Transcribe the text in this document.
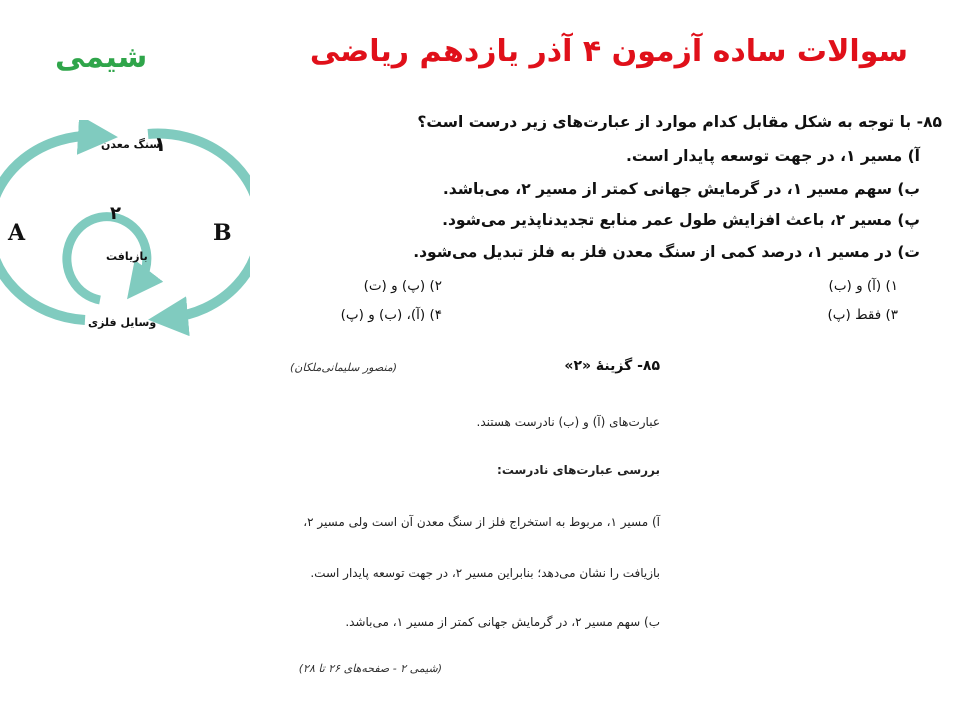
سوالات ساده آزمون ۴ آذر یازدهم ریاضی
شیمی
A	B
۱
۲
سنگ معدن
بازیافت
وسایل فلزی
۸۵- با توجه به شکل مقابل کدام موارد از عبارت‌های زیر درست است؟
آ) مسیر ۱، در جهت توسعه پایدار است.
ب) سهم مسیر ۱، در گرمایش جهانی کمتر از مسیر ۲، می‌باشد.
پ) مسیر ۲، باعث افزایش طول عمر منابع تجدیدناپذیر می‌شود.
ت) در مسیر ۱، درصد کمی از سنگ معدن فلز به فلز تبدیل می‌شود.
۱) (آ) و (ب)
۲) (پ) و (ت)
۳) فقط (پ)
۴) (آ)، (ب) و (پ)
۸۵- گزینهٔ «۲»
(منصور سلیمانی‌ملکان)
عبارت‌های (آ) و (ب) نادرست هستند.
بررسی عبارت‌های نادرست:
آ) مسیر ۱، مربوط به استخراج فلز از سنگ معدن آن است ولی مسیر ۲،
بازیافت را نشان می‌دهد؛ بنابراین مسیر ۲، در جهت توسعه پایدار است.
ب) سهم مسیر ۲، در گرمایش جهانی کمتر از مسیر ۱، می‌باشد.
(شیمی ۲ - صفحه‌های ۲۶ تا ۲۸)
